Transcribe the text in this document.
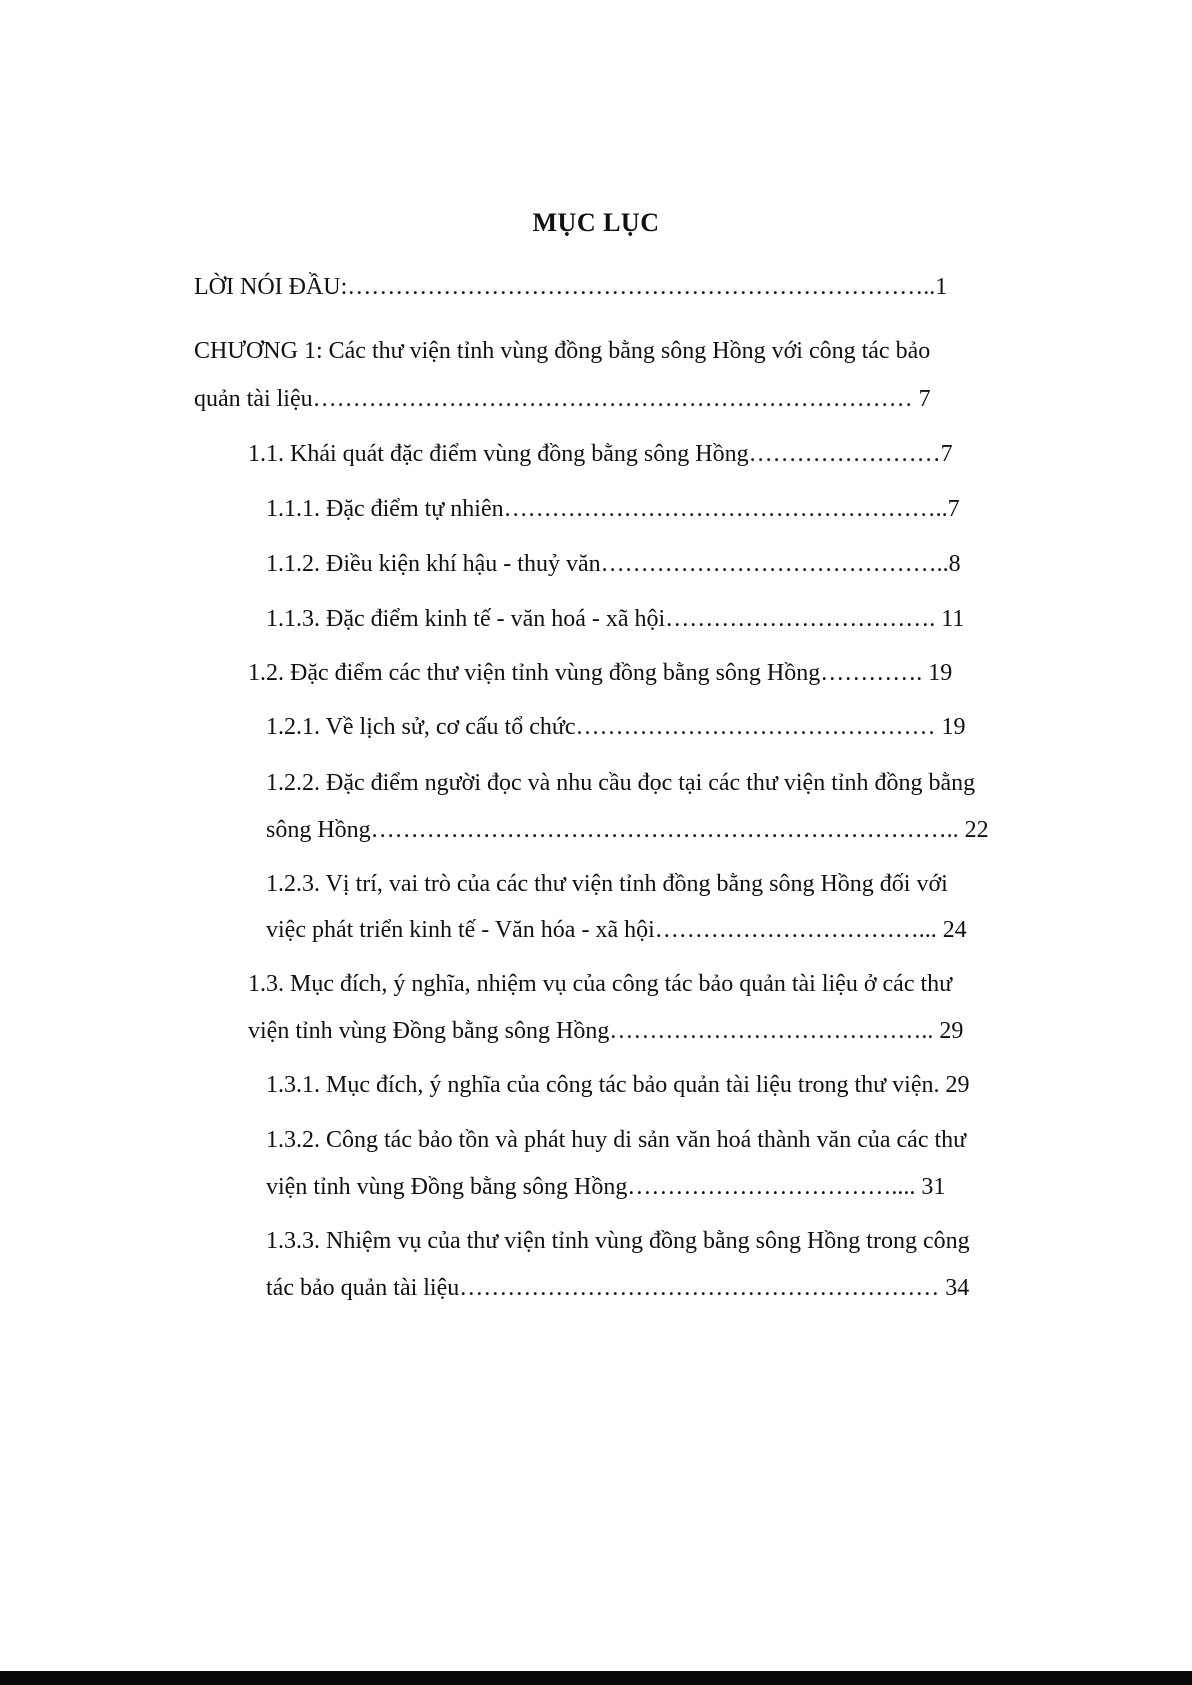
MỤC LỤC
LỜI NÓI ĐẦU:………………………………………………………………..1
CHƯƠNG 1: Các thư viện tỉnh vùng đồng bằng sông Hồng với công tác bảo
quản tài liệu………………………………………………………………… 7
1.1. Khái quát đặc điểm vùng đồng bằng sông Hồng……………………7
1.1.1. Đặc điểm tự nhiên………………………………………………..7
1.1.2. Điều kiện khí hậu - thuỷ văn……………………………………..8
1.1.3. Đặc điểm kinh tế - văn hoá - xã hội……………………………. 11
1.2. Đặc điểm các thư viện tỉnh vùng đồng bằng sông Hồng…………. 19
1.2.1. Về lịch sử, cơ cấu tổ chức……………………………………… 19
1.2.2. Đặc điểm người đọc và nhu cầu đọc tại các thư viện tỉnh đồng bằng
sông Hồng……………………………………………………………….. 22
1.2.3. Vị trí, vai trò của các thư viện tỉnh đồng bằng sông Hồng đối với
việc phát triển kinh tế - Văn hóa - xã hội……………………………... 24
1.3. Mục đích, ý nghĩa, nhiệm vụ của công tác bảo quản tài liệu ở các thư
viện tỉnh vùng Đồng bằng sông Hồng………………………………….. 29
1.3.1. Mục đích, ý nghĩa của công tác bảo quản tài liệu trong thư viện. 29
1.3.2. Công tác bảo tồn và phát huy di sản văn hoá thành văn của các thư
viện tỉnh vùng Đồng bằng sông Hồng…………………………….... 31
1.3.3. Nhiệm vụ của thư viện tỉnh vùng đồng bằng sông Hồng trong công
tác bảo quản tài liệu…………………………………………………… 34
